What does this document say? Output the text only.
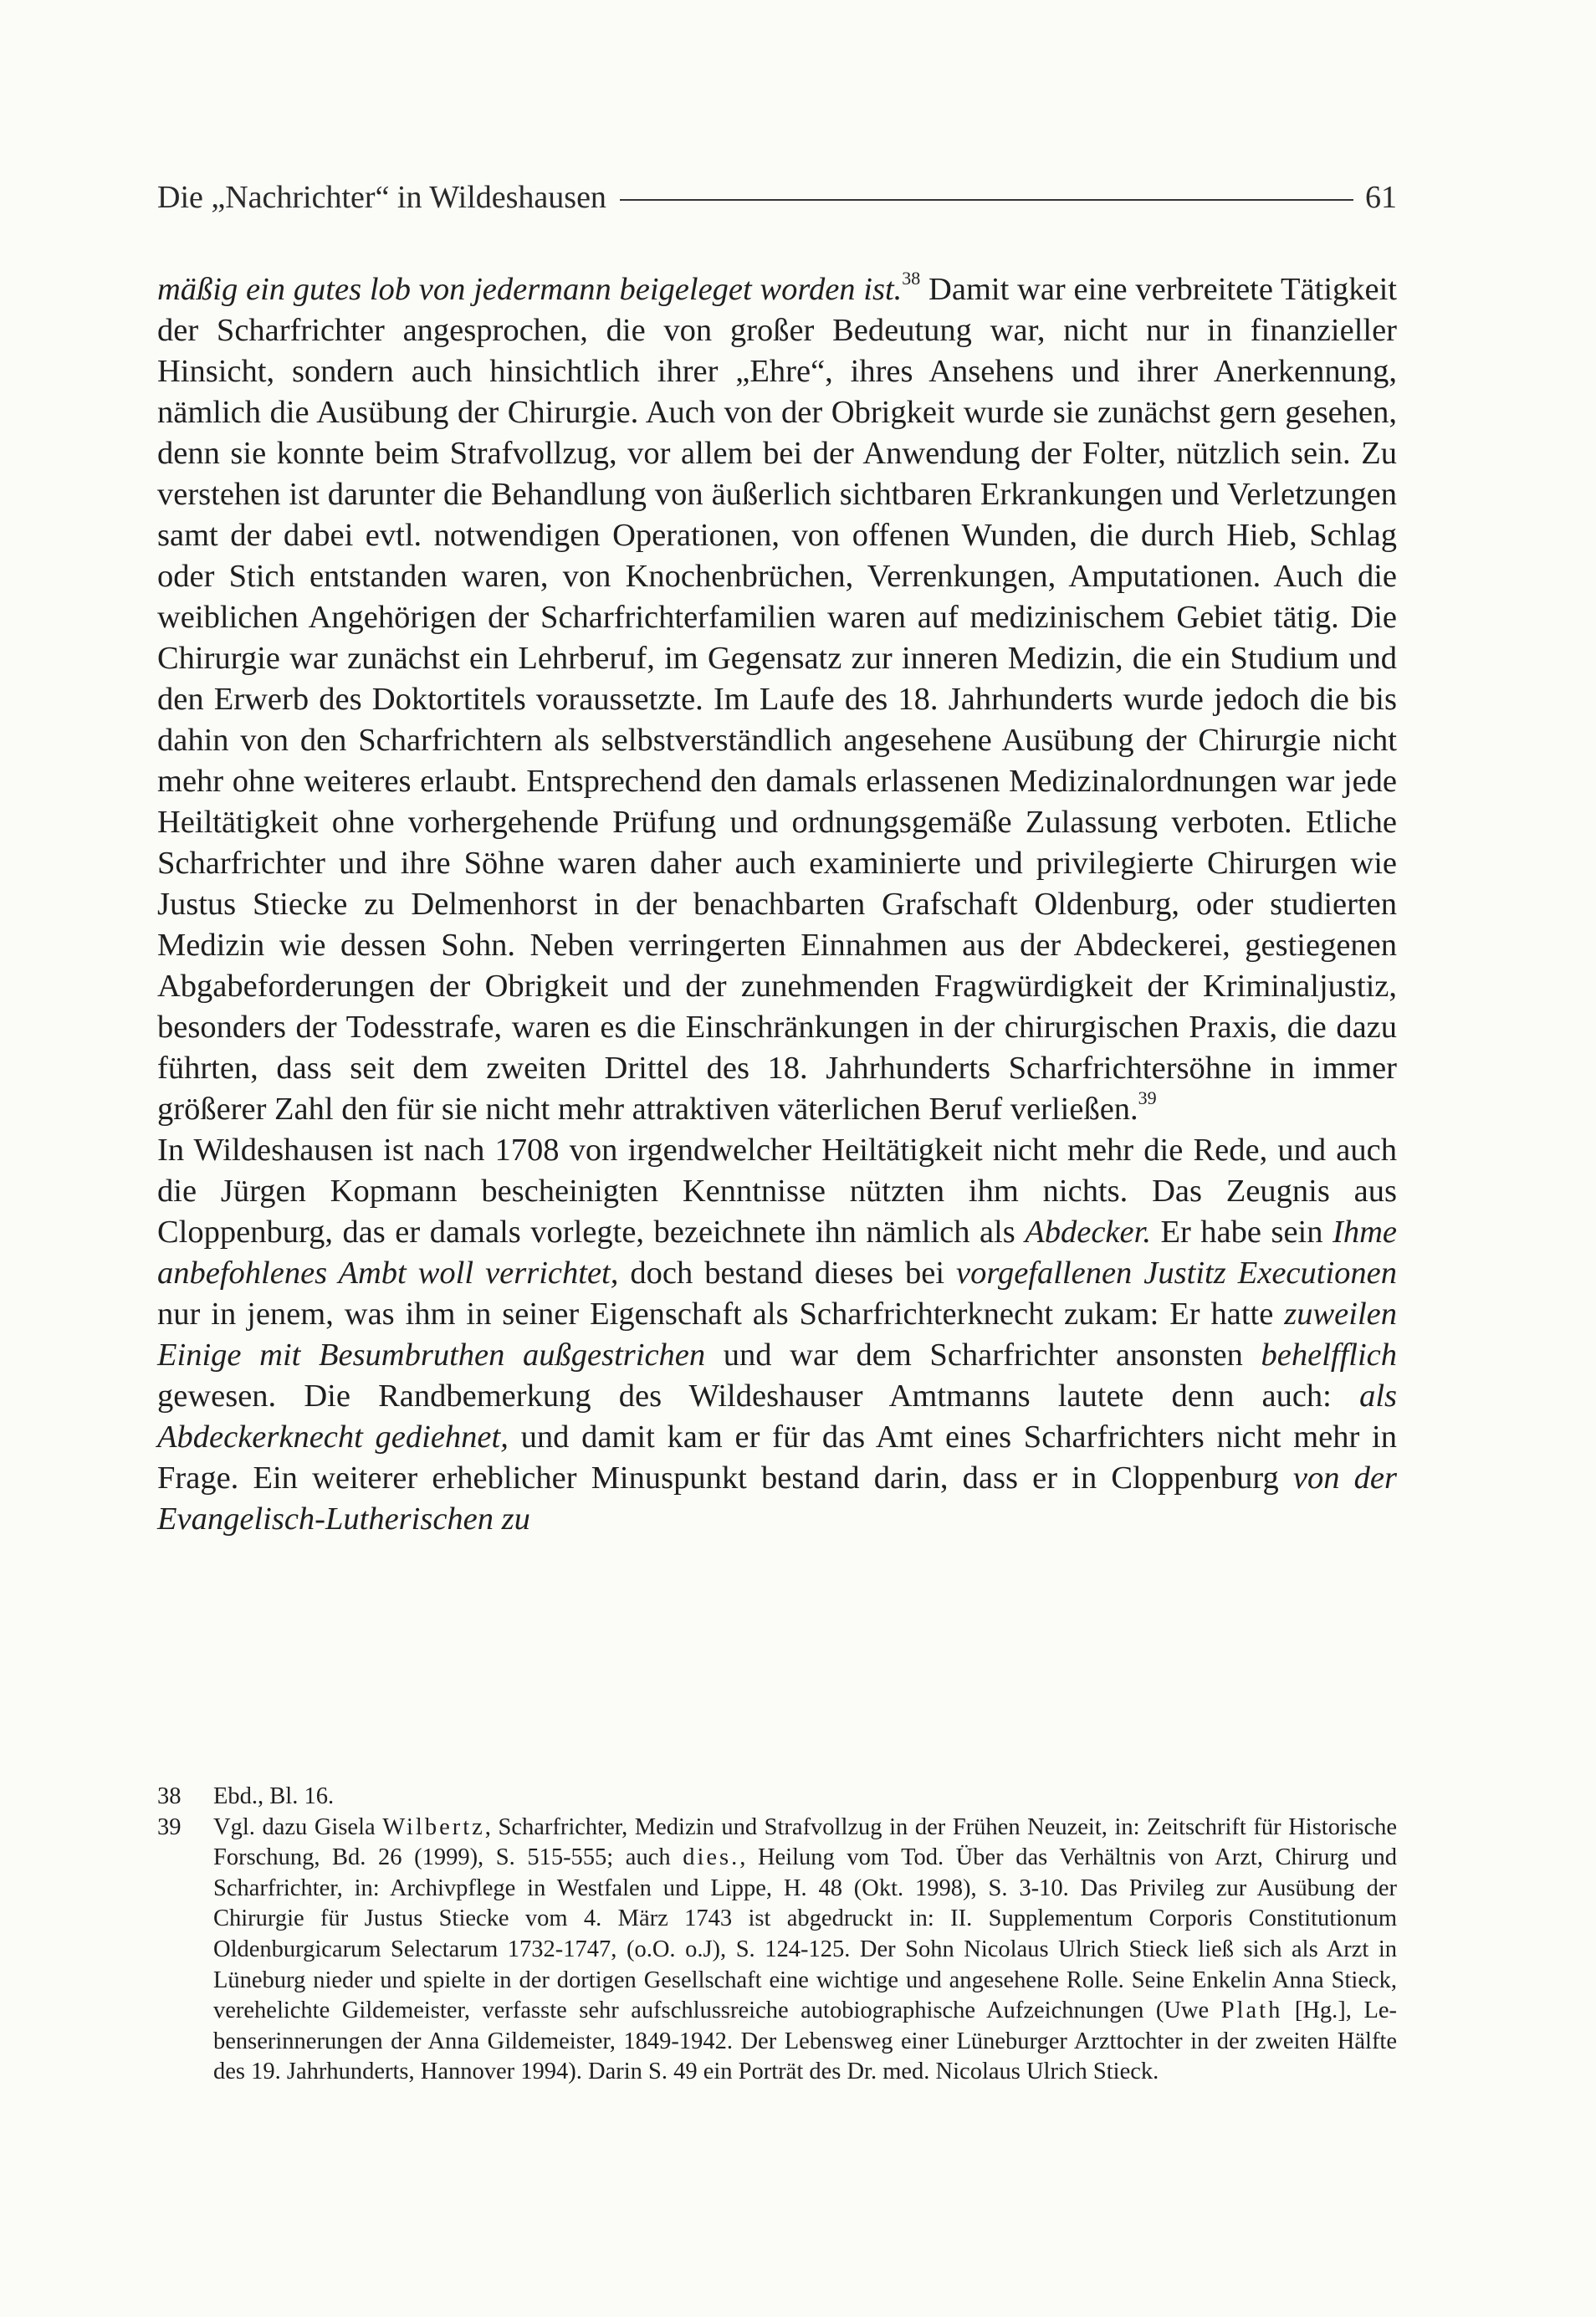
Die „Nachrichter“ in Wildeshausen	61

mäßig ein gutes lob von jedermann beigeleget worden ist.$^{38}$ Damit war eine verbreitete Tätigkeit der Scharfrichter angesprochen, die von großer Bedeutung war, nicht nur in finanzieller Hinsicht, sondern auch hinsichtlich ihrer „Ehre“, ihres Ansehens und ihrer Anerkennung, nämlich die Ausübung der Chirurgie. Auch von der Obrigkeit wurde sie zunächst gern gesehen, denn sie konnte beim Strafvollzug, vor allem bei der Anwendung der Folter, nützlich sein. Zu verstehen ist darunter die Behandlung von äußerlich sichtbaren Erkrankungen und Verletzungen samt der dabei evtl. notwendigen Operationen, von offenen Wunden, die durch Hieb, Schlag oder Stich entstanden waren, von Knochenbrüchen, Verrenkungen, Amputationen. Auch die weiblichen Angehörigen der Scharfrichterfamilien waren auf medizinischem Gebiet tätig. Die Chirurgie war zunächst ein Lehrberuf, im Gegensatz zur inneren Medizin, die ein Studium und den Erwerb des Doktortitels voraussetzte. Im Laufe des 18. Jahrhunderts wurde jedoch die bis dahin von den Scharfrichtern als selbstverständlich angesehene Ausübung der Chirurgie nicht mehr ohne weiteres erlaubt. Entsprechend den damals erlassenen Medizinalordnungen war jede Heiltätigkeit ohne vorhergehende Prüfung und ordnungsgemäße Zulassung verboten. Etliche Scharfrichter und ihre Söhne waren daher auch examinierte und privilegierte Chirurgen wie Justus Stiecke zu Delmenhorst in der benachbarten Grafschaft Oldenburg, oder studierten Medizin wie dessen Sohn. Neben verringerten Einnahmen aus der Abdeckerei, gestiegenen Abgabeforderungen der Obrigkeit und der zunehmenden Fragwürdigkeit der Kriminaljustiz, besonders der Todesstrafe, waren es die Einschränkungen in der chirurgischen Praxis, die dazu führten, dass seit dem zweiten Drittel des 18. Jahrhunderts Scharfrichtersöhne in immer größerer Zahl den für sie nicht mehr attraktiven väterlichen Beruf verließen.$^{39}$

In Wildeshausen ist nach 1708 von irgendwelcher Heiltätigkeit nicht mehr die Rede, und auch die Jürgen Kopmann bescheinigten Kenntnisse nützten ihm nichts. Das Zeugnis aus Cloppenburg, das er damals vorlegte, bezeichnete ihn nämlich als Abdecker. Er habe sein Ihme anbefohlenes Ambt woll verrichtet, doch bestand dieses bei vorgefallenen Justitz Executionen nur in jenem, was ihm in seiner Eigenschaft als Scharfrichterknecht zukam: Er hatte zuweilen Einige mit Besumbruthen außgestrichen und war dem Scharfrichter ansonsten behelfflich gewesen. Die Randbemerkung des Wildeshauser Amtmanns lautete denn auch: als Abdeckerknecht gediehnet, und damit kam er für das Amt eines Scharfrichters nicht mehr in Frage. Ein weiterer erheblicher Minuspunkt bestand darin, dass er in Cloppenburg von der Evangelisch-Lutherischen zu

38	Ebd., Bl. 16.
39	Vgl. dazu Gisela Wilbertz, Scharfrichter, Medizin und Strafvollzug in der Frühen Neuzeit, in: Zeitschrift für Historische Forschung, Bd. 26 (1999), S. 515-555; auch dies., Heilung vom Tod. Über das Verhältnis von Arzt, Chirurg und Scharfrichter, in: Archivpflege in Westfalen und Lippe, H. 48 (Okt. 1998), S. 3-10. Das Privileg zur Ausübung der Chirurgie für Justus Stiecke vom 4. März 1743 ist abgedruckt in: II. Supplementum Corporis Constitutionum Oldenburgicarum Selectarum 1732-1747, (o.O. o.J), S. 124-125. Der Sohn Nicolaus Ulrich Stieck ließ sich als Arzt in Lüneburg nieder und spielte in der dortigen Gesellschaft eine wichtige und angesehene Rolle. Seine Enkelin Anna Stieck, verehelichte Gildemeister, verfasste sehr aufschlussreiche autobiographische Aufzeichnungen (Uwe Plath [Hg.], Lebenserinnerungen der Anna Gildemeister, 1849-1942. Der Lebensweg einer Lüneburger Arzttochter in der zweiten Hälfte des 19. Jahrhunderts, Hannover 1994). Darin S. 49 ein Porträt des Dr. med. Nicolaus Ulrich Stieck.
